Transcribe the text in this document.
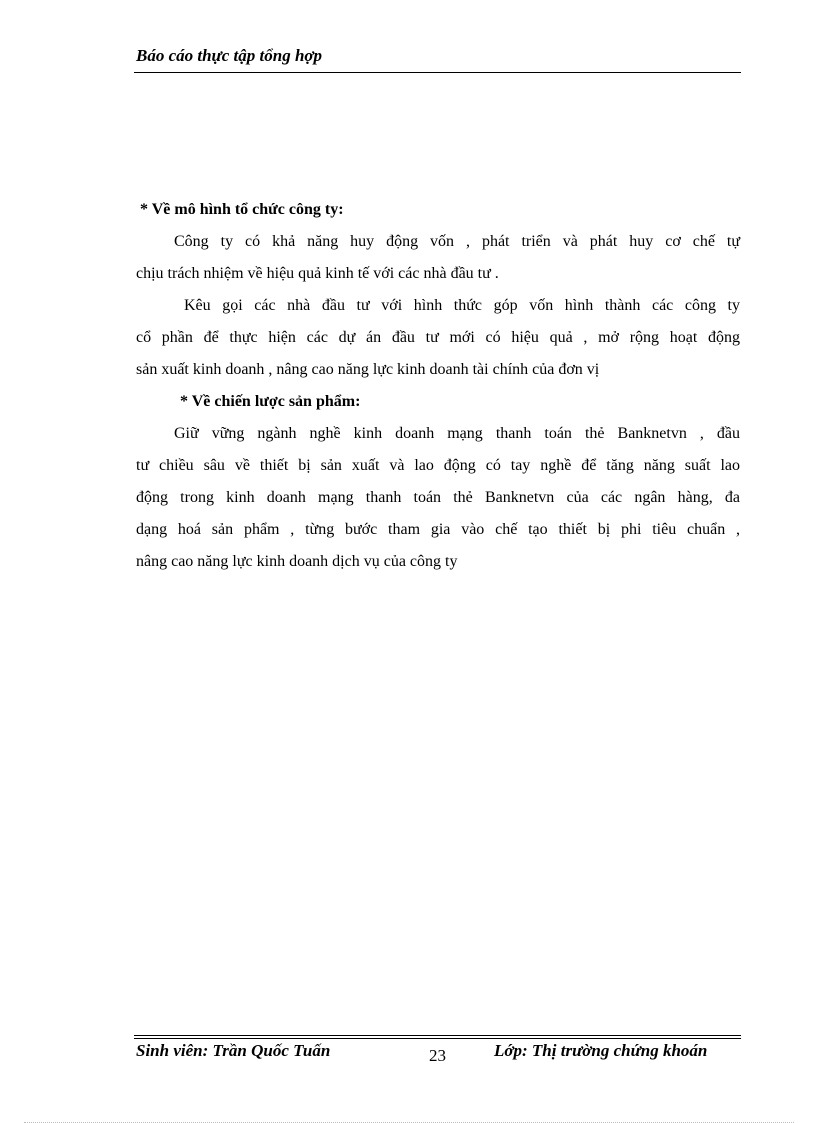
Báo cáo thực tập tổng hợp
* Về mô hình tổ chức công ty:
Công ty có khả năng huy động vốn , phát triển và phát huy cơ chế tự
chịu trách nhiệm về hiệu quả kinh tế với các nhà đầu tư .
Kêu gọi các nhà đầu tư với hình thức góp vốn hình thành các công ty
cổ phần để thực hiện các dự án đầu tư mới có hiệu quả , mở rộng hoạt động
sản xuất kinh doanh , nâng cao năng lực kinh doanh tài chính của đơn vị
* Về chiến lược sản phẩm:
Giữ vững ngành nghề kinh doanh mạng thanh toán thẻ Banknetvn , đầu
tư chiều sâu về thiết bị sản xuất và lao động có tay nghề để tăng năng suất lao
động trong kinh doanh mạng thanh toán thẻ Banknetvn của các ngân hàng, đa
dạng hoá sản phẩm , từng bước tham gia vào chế tạo thiết bị phi tiêu chuẩn ,
nâng cao năng lực kinh doanh dịch vụ của công ty
Sinh viên: Trần Quốc Tuấn	23	Lớp: Thị trường chứng khoán
